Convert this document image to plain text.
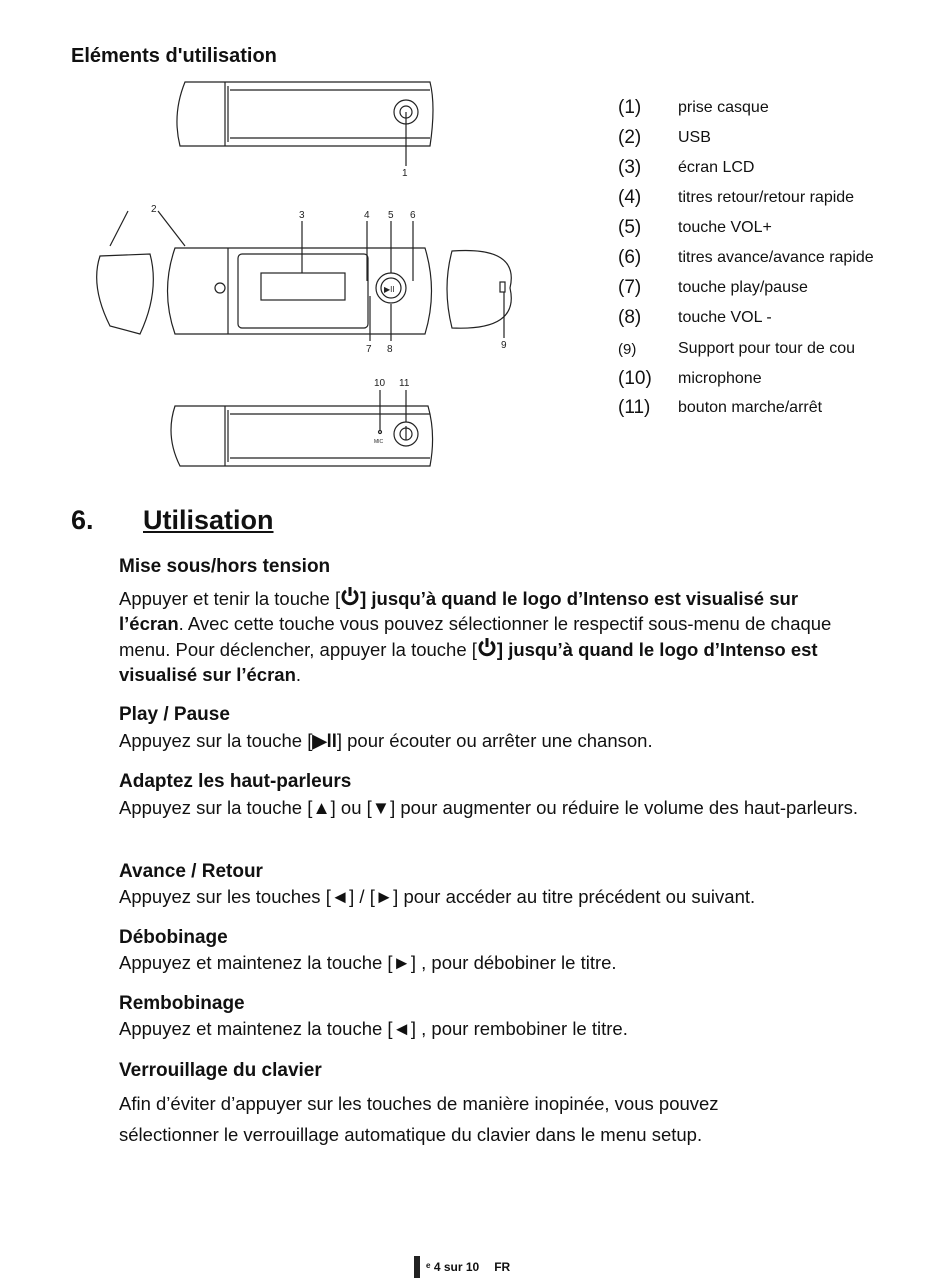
Eléments d'utilisation
1
▶II
2
3	4 5 6
7 8	9
10 11
MIC
(1)	prise casque
(2)	USB
(3)	écran LCD
(4)	titres retour/retour rapide
(5)	touche VOL+
(6)	titres avance/avance rapide
(7)	touche play/pause
(8)	touche VOL -
(9)	Support pour tour de cou
(10)	microphone
(11)	bouton marche/arrêt
6. Utilisation
Mise sous/hors tension
Appuyer et tenir la touche [ ] jusqu’à quand le logo d’Intenso est visualisé sur l’écran. Avec cette touche vous pouvez sélectionner le respectif sous-menu de chaque menu. Pour déclencher, appuyer la touche [ ] jusqu’à quand le logo d’Intenso est visualisé sur l’écran.
Play / Pause
Appuyez sur la touche [▶ll] pour écouter ou arrêter une chanson.
Adaptez les haut-parleurs
Appuyez sur la touche [▲] ou [▼] pour augmenter ou réduire le volume des haut-parleurs.
Avance / Retour
Appuyez sur les touches [◄] / [►] pour accéder au titre précédent ou suivant.
Débobinage
Appuyez et maintenez la touche [►] , pour débobiner le titre.
Rembobinage
Appuyez et maintenez la touche [◄] , pour rembobiner le titre.
Verrouillage du clavier
Afin d’éviter d’appuyer sur les touches de manière inopinée, vous pouvez sélectionner le verrouillage automatique du clavier dans le menu setup.
ᵉ 4 sur 10 FR
